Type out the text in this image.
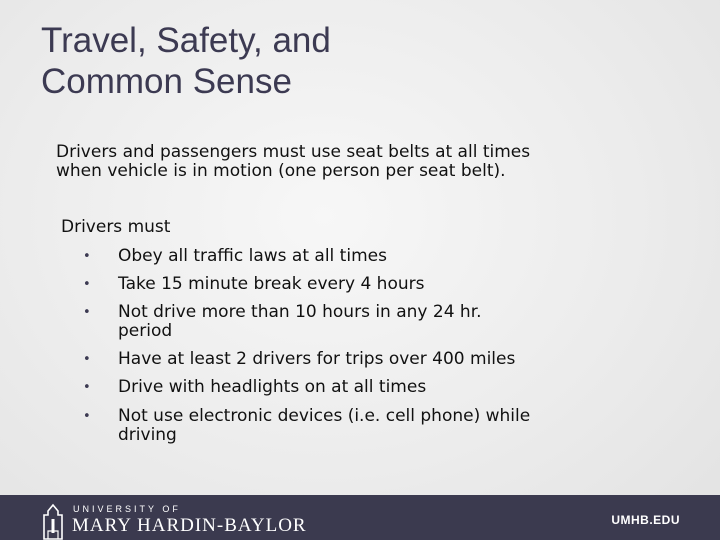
Travel, Safety, and
Common Sense

Drivers and passengers must use seat belts at all times
when vehicle is in motion (one person per seat belt).

Drivers must

• Obey all traffic laws at all times
• Take 15 minute break every 4 hours
• Not drive more than 10 hours in any 24 hr.
period
• Have at least 2 drivers for trips over 400 miles
• Drive with headlights on at all times
• Not use electronic devices (i.e. cell phone) while
driving
UNIVERSITY OF
MARY HARDIN-BAYLOR	UMHB.EDU
